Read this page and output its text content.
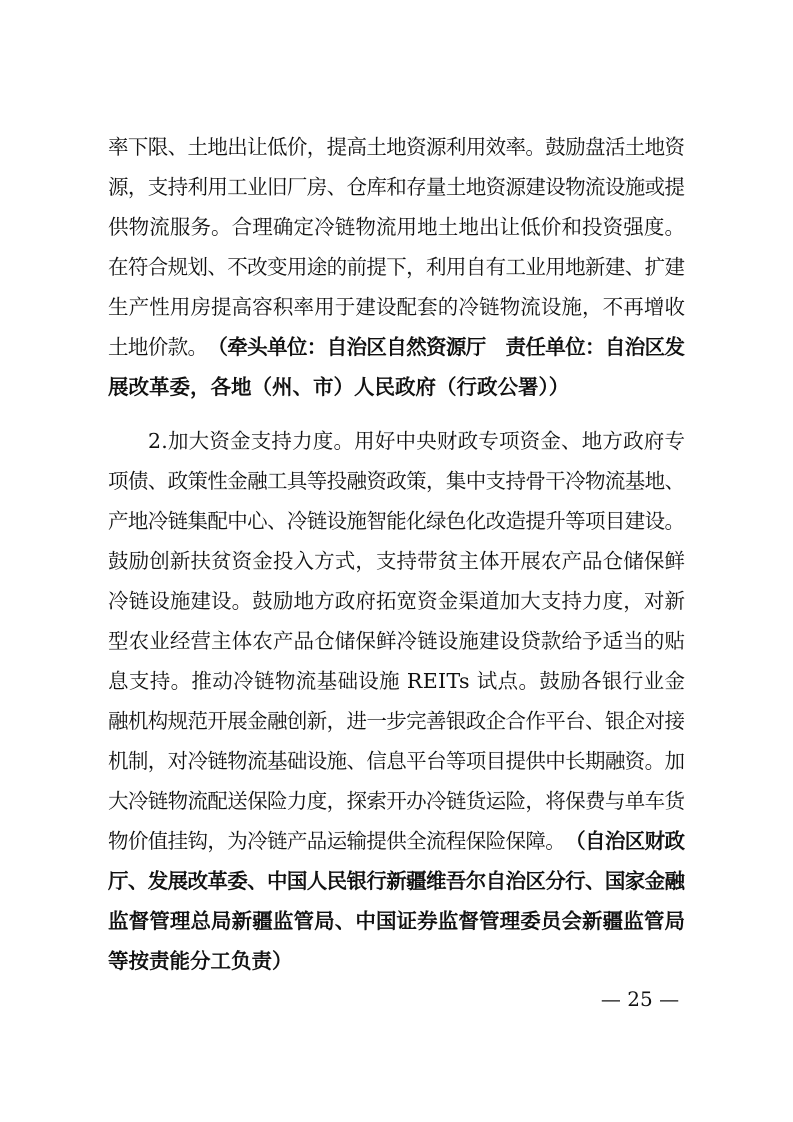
率下限、土地出让低价，提高土地资源利用效率。鼓励盘活土地资
源，支持利用工业旧厂房、仓库和存量土地资源建设物流设施或提
供物流服务。合理确定冷链物流用地土地出让低价和投资强度。
在符合规划、不改变用途的前提下，利用自有工业用地新建、扩建
生产性用房提高容积率用于建设配套的冷链物流设施，不再增收
土地价款。（牵头单位：自治区自然资源厅　责任单位：自治区发
展改革委，各地（州、市）人民政府（行政公署））
2.加大资金支持力度。用好中央财政专项资金、地方政府专
项债、政策性金融工具等投融资政策，集中支持骨干冷物流基地、
产地冷链集配中心、冷链设施智能化绿色化改造提升等项目建设。
鼓励创新扶贫资金投入方式，支持带贫主体开展农产品仓储保鲜
冷链设施建设。鼓励地方政府拓宽资金渠道加大支持力度，对新
型农业经营主体农产品仓储保鲜冷链设施建设贷款给予适当的贴
息支持。推动冷链物流基础设施 REITs 试点。鼓励各银行业金
融机构规范开展金融创新，进一步完善银政企合作平台、银企对接
机制，对冷链物流基础设施、信息平台等项目提供中长期融资。加
大冷链物流配送保险力度，探索开办冷链货运险，将保费与单车货
物价值挂钩，为冷链产品运输提供全流程保险保障。（自治区财政
厅、发展改革委、中国人民银行新疆维吾尔自治区分行、国家金融
监督管理总局新疆监管局、中国证券监督管理委员会新疆监管局
等按责能分工负责）
— 25 —
